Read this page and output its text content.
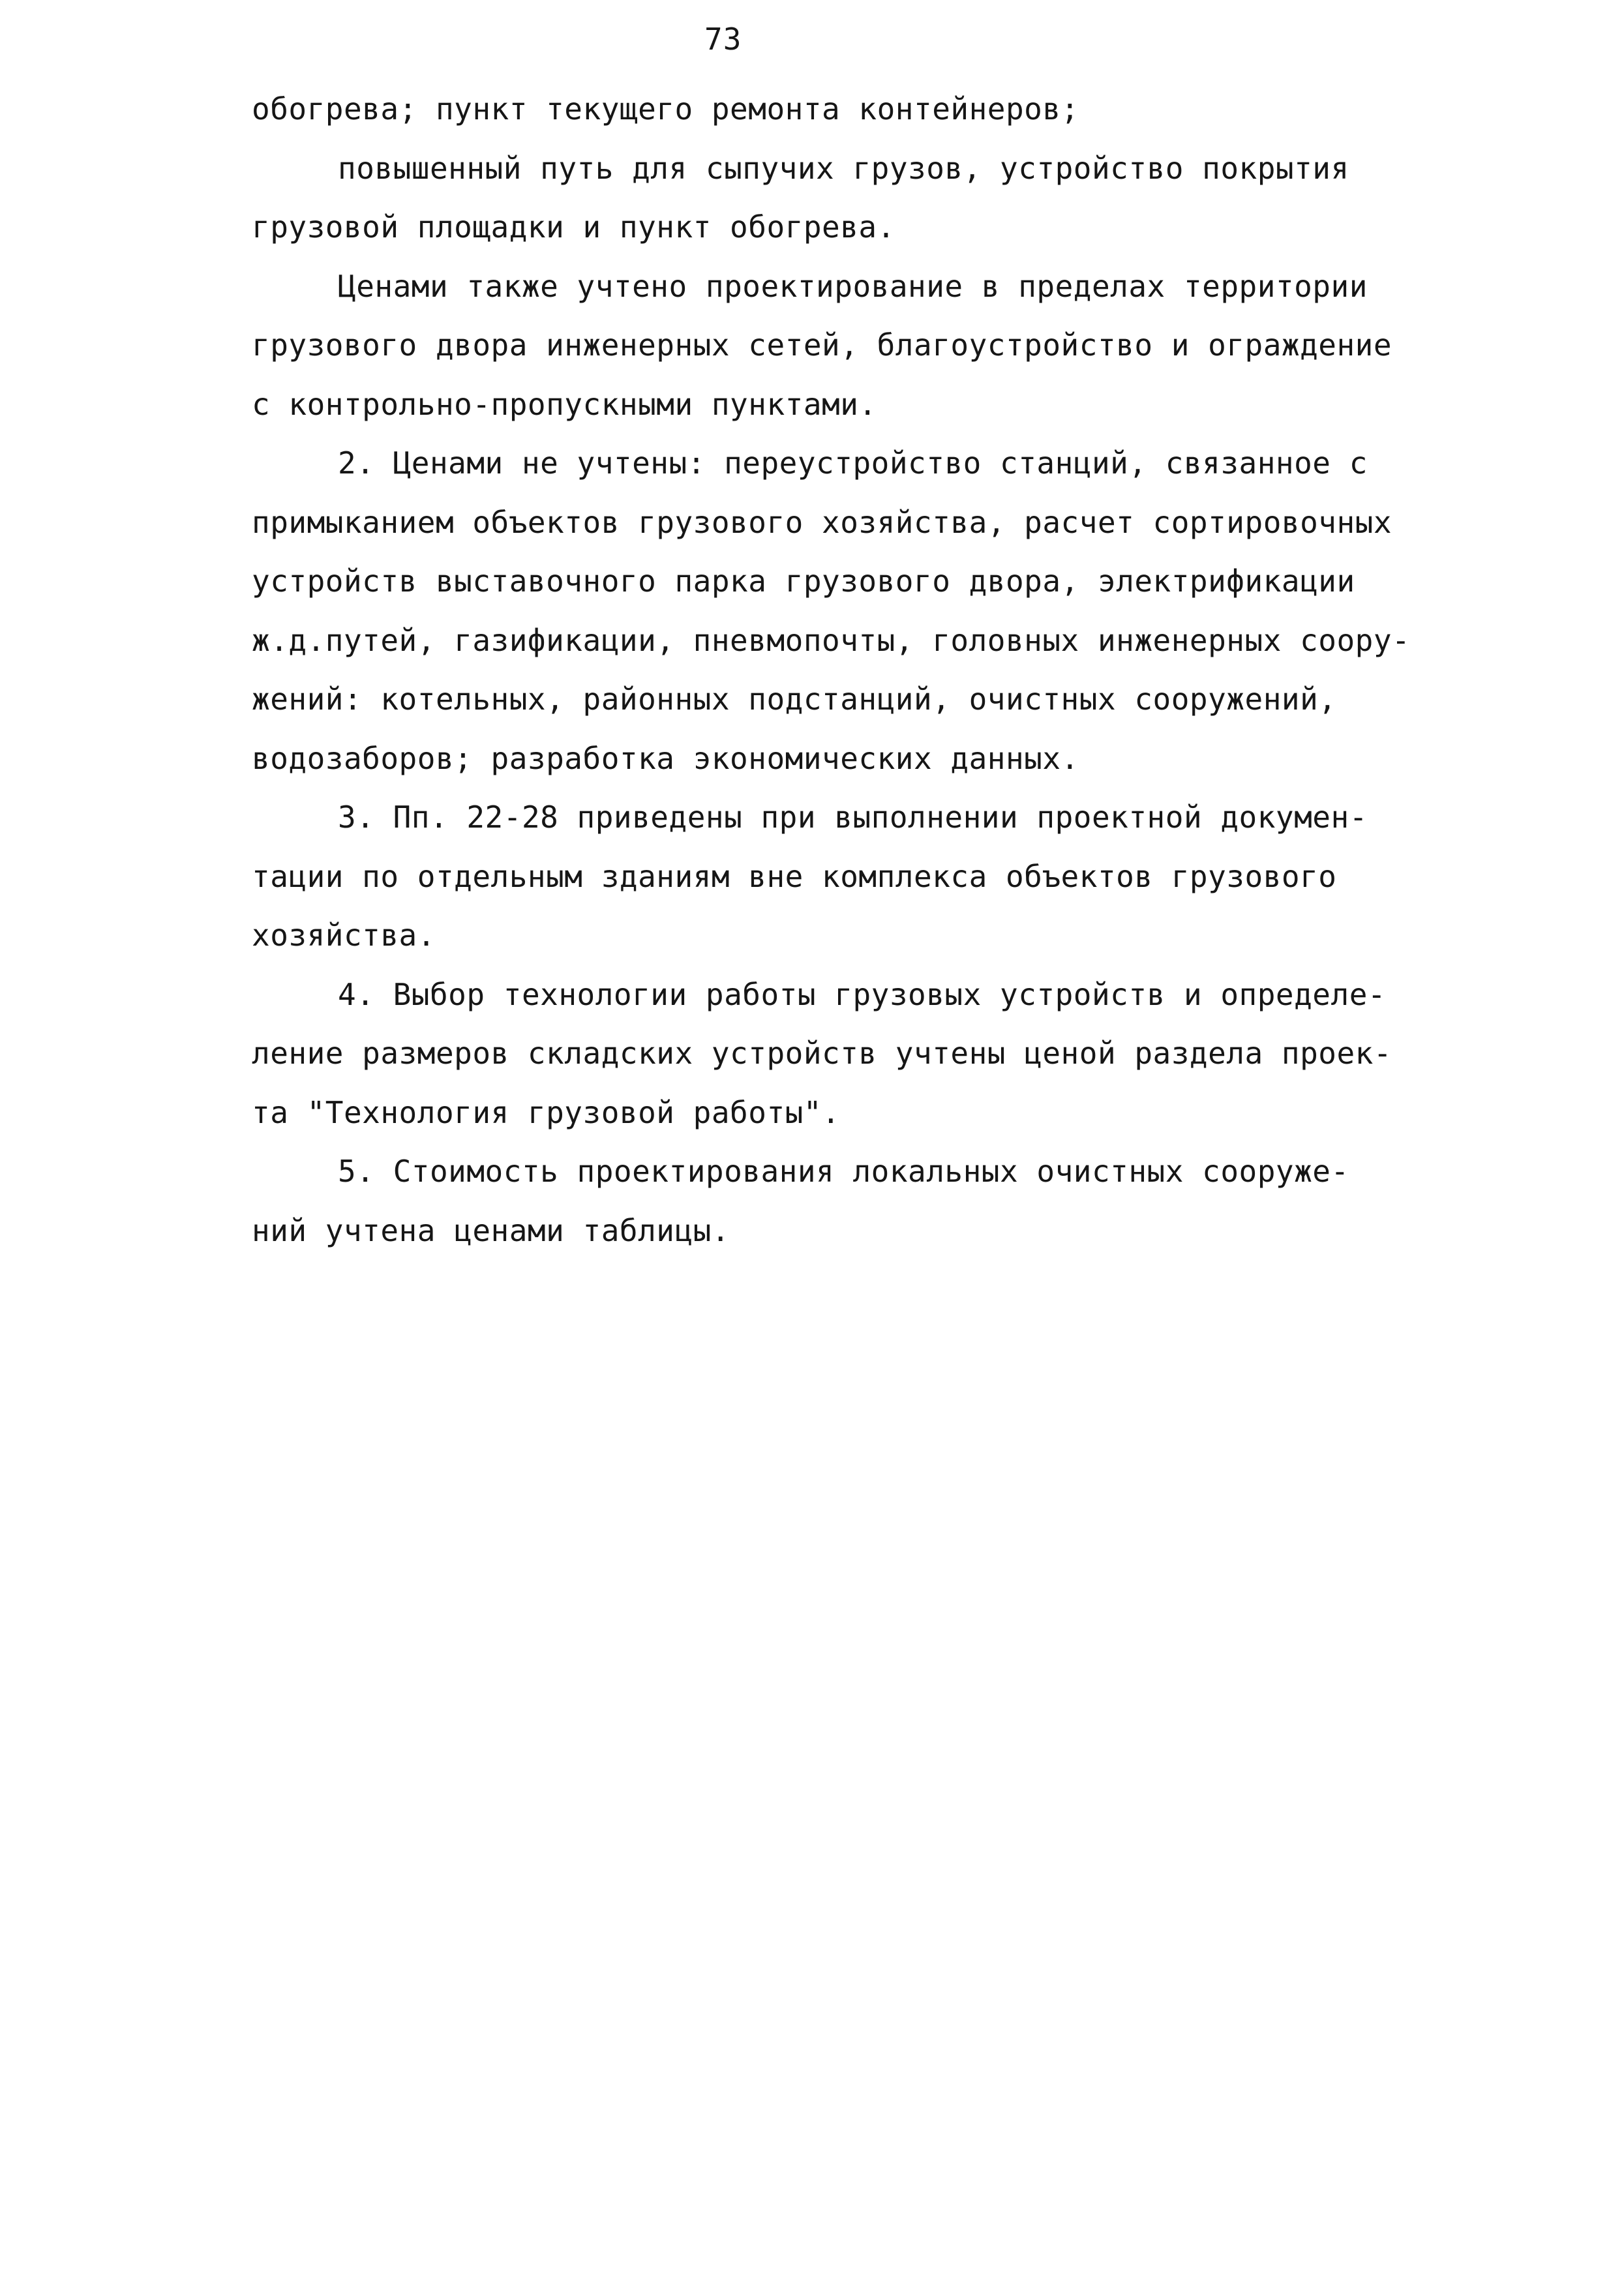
73
обогрева; пункт текущего ремонта контейнеров;
повышенный путь для сыпучих грузов, устройство покрытия
грузовой площадки и пункт обогрева.
Ценами также учтено проектирование в пределах территории
грузового двора инженерных сетей, благоустройство и ограждение
с контрольно-пропускными пунктами.
2. Ценами не учтены: переустройство станций, связанное с
примыканием объектов грузового хозяйства, расчет сортировочных
устройств выставочного парка грузового двора, электрификации
ж.д.путей, газификации, пневмопочты, головных инженерных соору-
жений: котельных, районных подстанций, очистных сооружений,
водозаборов; разработка экономических данных.
3. Пп. 22-28 приведены при выполнении проектной докумен-
тации по отдельным зданиям вне комплекса объектов грузового
хозяйства.
4. Выбор технологии работы грузовых устройств и определе-
ление размеров складских устройств учтены ценой раздела проек-
та "Технология грузовой работы".
5. Стоимость проектирования локальных очистных сооруже-
ний учтена ценами таблицы.
